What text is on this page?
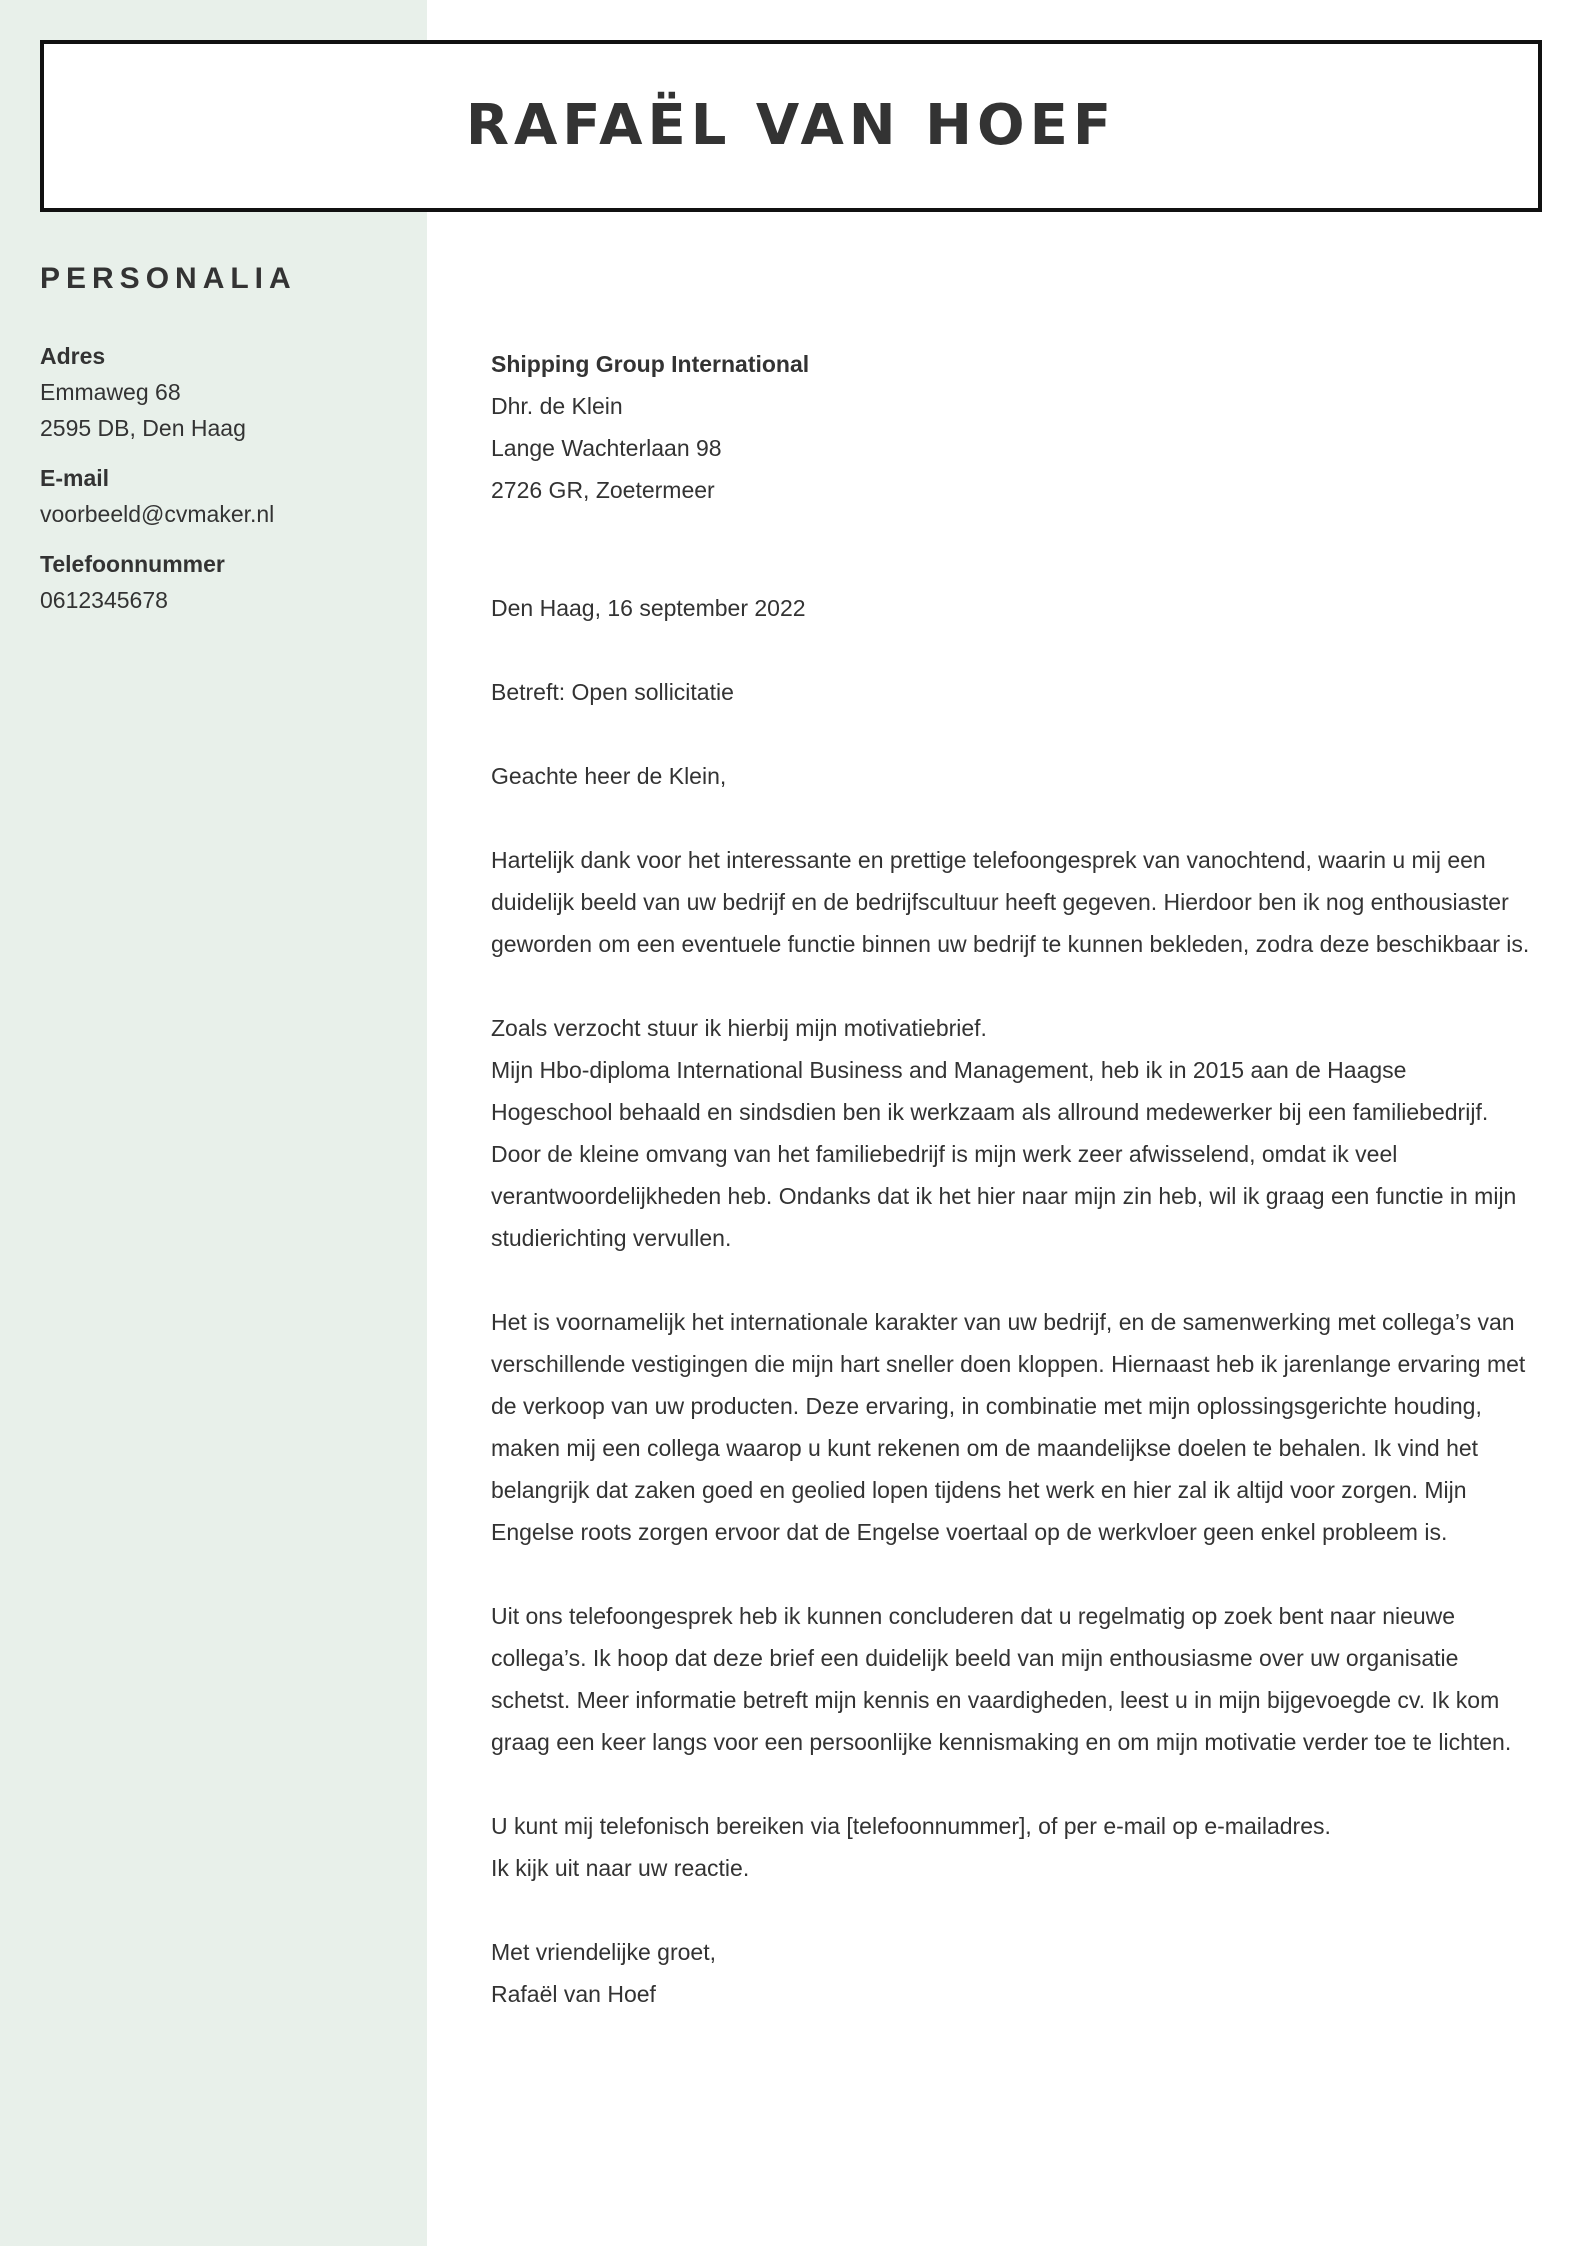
PERSONALIA
Adres
Emmaweg 68
2595 DB, Den Haag
E-mail
voorbeeld@cvmaker.nl
Telefoonnummer
0612345678
RAFAËL VAN HOEF

Shipping Group International

Dhr. de Klein

Lange Wachterlaan 98

2726 GR, Zoetermeer

Den Haag, 16 september 2022

Betreft: Open sollicitatie

Geachte heer de Klein,

Hartelijk dank voor het interessante en prettige telefoongesprek van vanochtend, waarin u mij een duidelijk beeld van uw bedrijf en de bedrijfscultuur heeft gegeven. Hierdoor ben ik nog enthousiaster geworden om een eventuele functie binnen uw bedrijf te kunnen bekleden, zodra deze beschikbaar is.

Zoals verzocht stuur ik hierbij mijn motivatiebrief.

Mijn Hbo-diploma International Business and Management, heb ik in 2015 aan de Haagse Hogeschool behaald en sindsdien ben ik werkzaam als allround medewerker bij een familiebedrijf. Door de kleine omvang van het familiebedrijf is mijn werk zeer afwisselend, omdat ik veel verantwoordelijkheden heb. Ondanks dat ik het hier naar mijn zin heb, wil ik graag een functie in mijn studierichting vervullen.

Het is voornamelijk het internationale karakter van uw bedrijf, en de samenwerking met collega’s van verschillende vestigingen die mijn hart sneller doen kloppen. Hiernaast heb ik jarenlange ervaring met de verkoop van uw producten. Deze ervaring, in combinatie met mijn oplossingsgerichte houding, maken mij een collega waarop u kunt rekenen om de maandelijkse doelen te behalen. Ik vind het belangrijk dat zaken goed en geolied lopen tijdens het werk en hier zal ik altijd voor zorgen. Mijn Engelse roots zorgen ervoor dat de Engelse voertaal op de werkvloer geen enkel probleem is.

Uit ons telefoongesprek heb ik kunnen concluderen dat u regelmatig op zoek bent naar nieuwe collega’s. Ik hoop dat deze brief een duidelijk beeld van mijn enthousiasme over uw organisatie schetst. Meer informatie betreft mijn kennis en vaardigheden, leest u in mijn bijgevoegde cv. Ik kom graag een keer langs voor een persoonlijke kennismaking en om mijn motivatie verder toe te lichten.

U kunt mij telefonisch bereiken via [telefoonnummer], of per e-mail op e-mailadres.

Ik kijk uit naar uw reactie.

Met vriendelijke groet,

Rafaël van Hoef
